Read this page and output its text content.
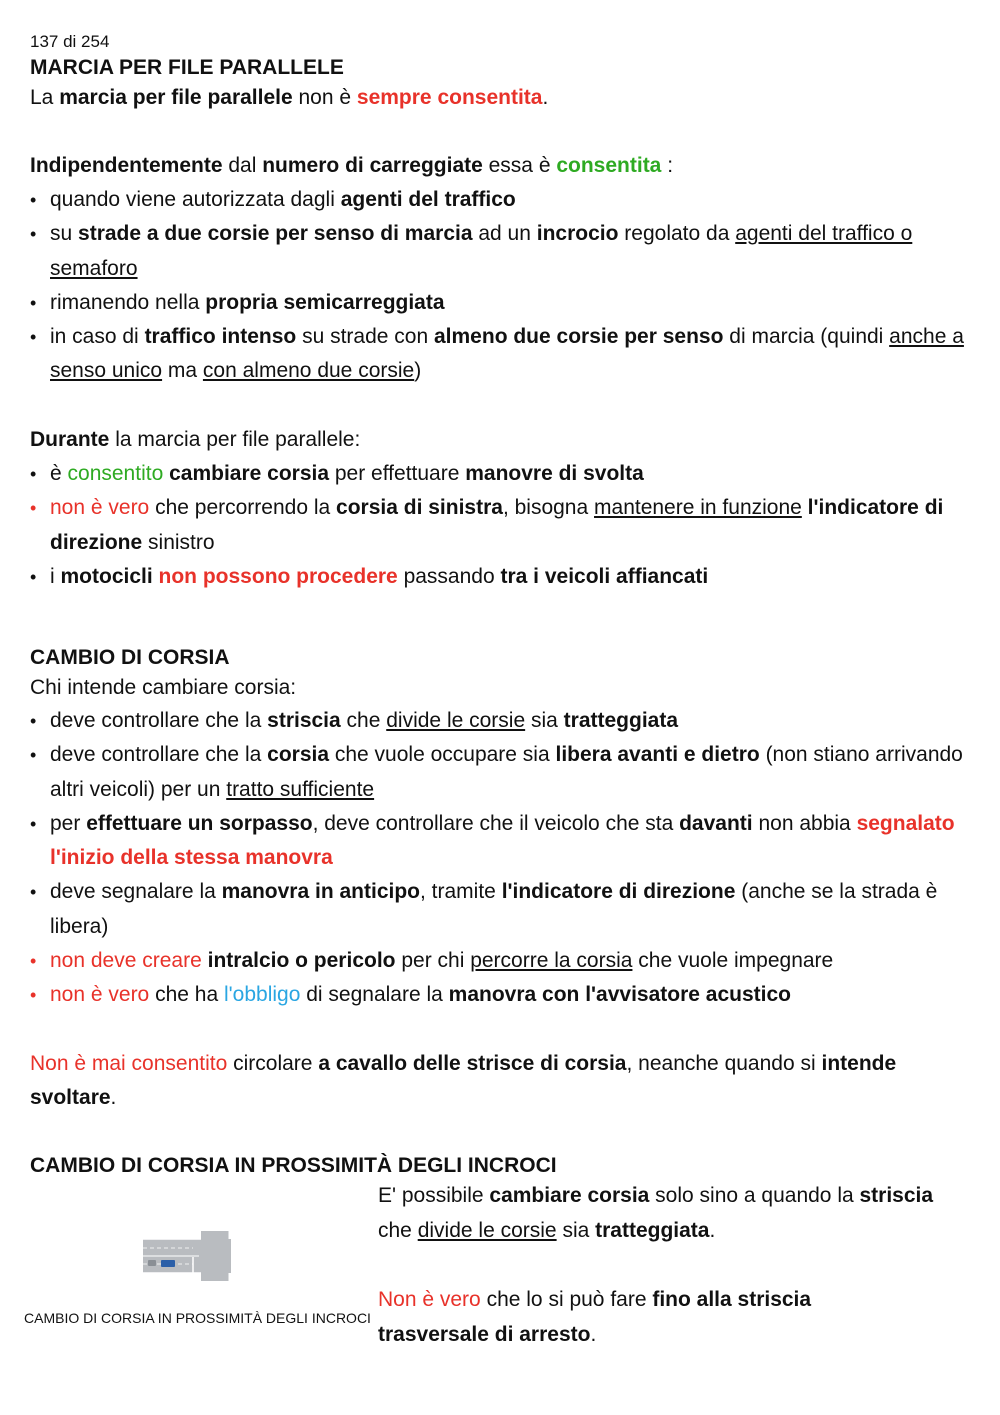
137 di 254
MARCIA PER FILE PARALLELE
La marcia per file parallele non è sempre consentita.
Indipendentemente dal numero di carreggiate essa è consentita :
• quando viene autorizzata dagli agenti del traffico
• su strade a due corsie per senso di marcia ad un incrocio regolato da agenti del traffico o semaforo
• rimanendo nella propria semicarreggiata
• in caso di traffico intenso su strade con almeno due corsie per senso di marcia (quindi anche a senso unico ma con almeno due corsie)
Durante la marcia per file parallele:
• è consentito cambiare corsia per effettuare manovre di svolta
• non è vero che percorrendo la corsia di sinistra, bisogna mantenere in funzione l'indicatore di direzione sinistro
• i motocicli non possono procedere passando tra i veicoli affiancati
CAMBIO DI CORSIA
Chi intende cambiare corsia:
• deve controllare che la striscia che divide le corsie sia tratteggiata
• deve controllare che la corsia che vuole occupare sia libera avanti e dietro (non stiano arrivando altri veicoli) per un tratto sufficiente
• per effettuare un sorpasso, deve controllare che il veicolo che sta davanti non abbia segnalato l'inizio della stessa manovra
• deve segnalare la manovra in anticipo, tramite l'indicatore di direzione (anche se la strada è libera)
• non deve creare intralcio o pericolo per chi percorre la corsia che vuole impegnare
• non è vero che ha l'obbligo di segnalare la manovra con l'avvisatore acustico
Non è mai consentito circolare a cavallo delle strisce di corsia, neanche quando si intende svoltare.
CAMBIO DI CORSIA IN PROSSIMITÀ DEGLI INCROCI
CAMBIO DI CORSIA IN PROSSIMITÀ DEGLI INCROCI
E' possibile cambiare corsia solo sino a quando la striscia che divide le corsie sia tratteggiata.
Non è vero che lo si può fare fino alla striscia trasversale di arresto.
